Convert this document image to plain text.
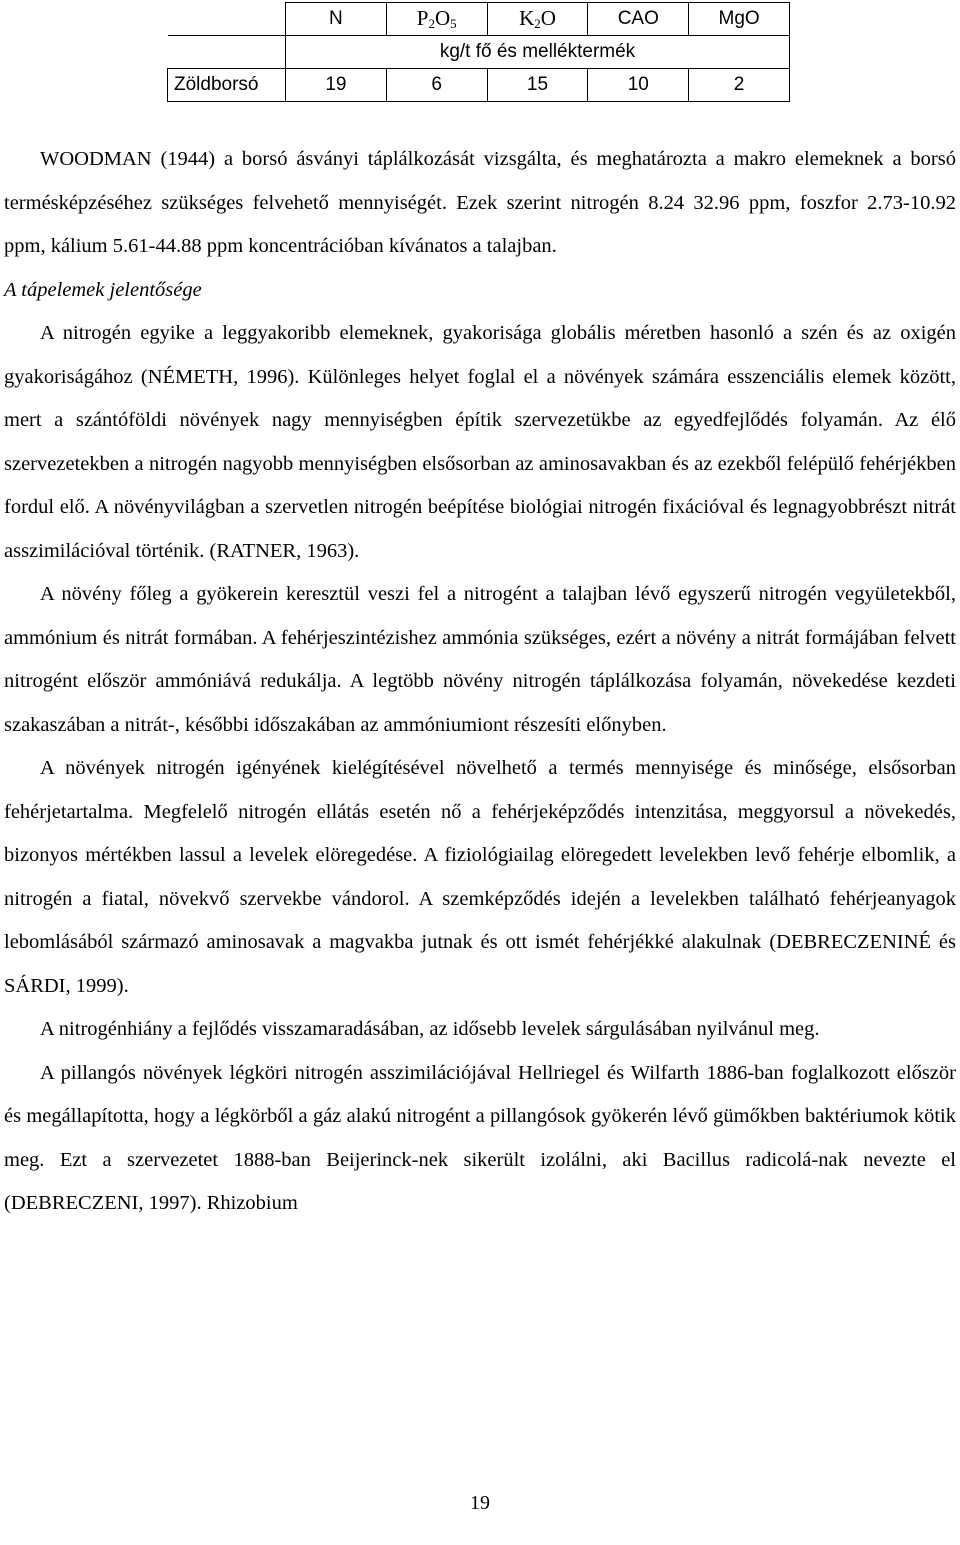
	N	$P_2O_5$	$K_2O$	CAO	MgO
	kg/t fő és melléktermék				
Zöldborsó	19	6	15	10	2

WOODMAN (1944) a borsó ásványi táplálkozását vizsgálta, és meghatározta a makro elemeknek a borsó termésképzéséhez szükséges felvehető mennyiségét. Ezek szerint nitrogén 8.24 32.96 ppm, foszfor 2.73-10.92 ppm, kálium 5.61-44.88 ppm koncentrációban kívánatos a talajban.

A tápelemek jelentősége

A nitrogén egyike a leggyakoribb elemeknek, gyakorisága globális méretben hasonló a szén és az oxigén gyakoriságához (NÉMETH, 1996). Különleges helyet foglal el a növények számára esszenciális elemek között, mert a szántóföldi növények nagy mennyiségben építik szervezetükbe az egyedfejlődés folyamán. Az élő szervezetekben a nitrogén nagyobb mennyiségben elsősorban az aminosavakban és az ezekből felépülő fehérjékben fordul elő. A növényvilágban a szervetlen nitrogén beépítése biológiai nitrogén fixációval és legnagyobbrészt nitrát asszimilációval történik. (RATNER, 1963).

A növény főleg a gyökerein keresztül veszi fel a nitrogént a talajban lévő egyszerű nitrogén vegyületekből, ammónium és nitrát formában. A fehérjeszintézishez ammónia szükséges, ezért a növény a nitrát formájában felvett nitrogént először ammóniává redukálja. A legtöbb növény nitrogén táplálkozása folyamán, növekedése kezdeti szakaszában a nitrát-, későbbi időszakában az ammóniumiont részesíti előnyben.

A növények nitrogén igényének kielégítésével növelhető a termés mennyisége és minősége, elsősorban fehérjetartalma. Megfelelő nitrogén ellátás esetén nő a fehérjeképződés intenzitása, meggyorsul a növekedés, bizonyos mértékben lassul a levelek elöregedése. A fiziológiailag elöregedett levelekben levő fehérje elbomlik, a nitrogén a fiatal, növekvő szervekbe vándorol. A szemképződés idején a levelekben található fehérjeanyagok lebomlásából származó aminosavak a magvakba jutnak és ott ismét fehérjékké alakulnak (DEBRECZENINÉ és SÁRDI, 1999).

A nitrogénhiány a fejlődés visszamaradásában, az idősebb levelek sárgulásában nyilvánul meg.

A pillangós növények légköri nitrogén asszimilációjával Hellriegel és Wilfarth 1886-ban foglalkozott először és megállapította, hogy a légkörből a gáz alakú nitrogént a pillangósok gyökerén lévő gümőkben baktériumok kötik meg. Ezt a szervezetet 1888-ban Beijerinck-nek sikerült izolálni, aki Bacillus radicolá-nak nevezte el (DEBRECZENI, 1997). Rhizobium

19
